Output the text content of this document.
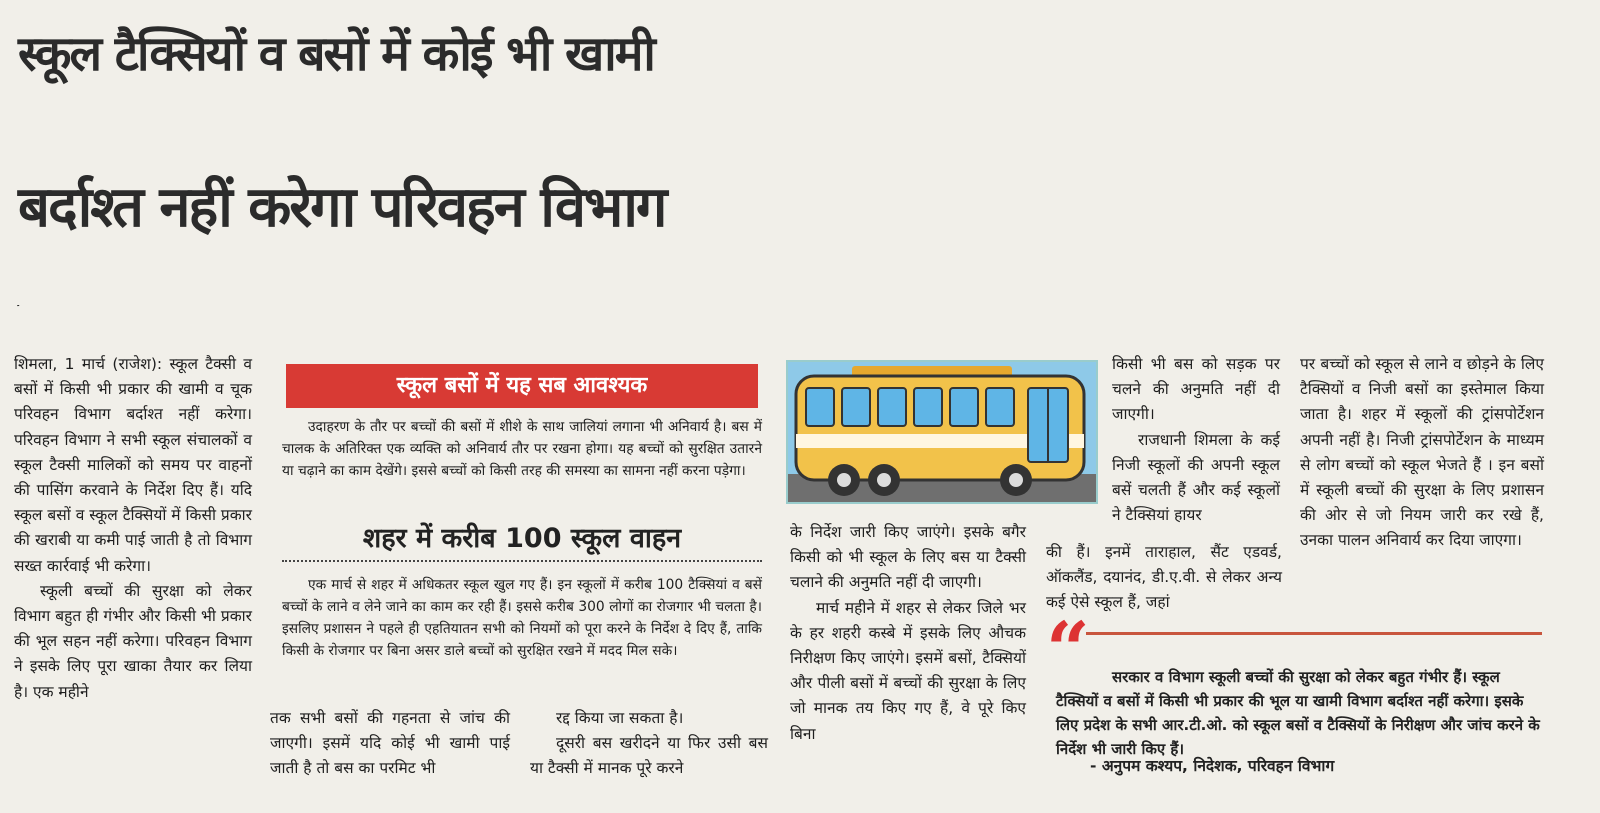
स्कूल टैक्सियों व बसों में कोई भी खामी
बर्दाश्त नहीं करेगा परिवहन विभाग

शिमला, 1 मार्च (राजेश): स्कूल टैक्सी व बसों में किसी भी प्रकार की खामी व चूक परिवहन विभाग बर्दाश्त नहीं करेगा। परिवहन विभाग ने सभी स्कूल संचालकों व स्कूल टैक्सी मालिकों को समय पर वाहनों की पासिंग करवाने के निर्देश दिए हैं। यदि स्कूल बसों व स्कूल टैक्सियों में किसी प्रकार की खराबी या कमी पाई जाती है तो विभाग सख्त कार्रवाई भी करेगा।

स्कूली बच्चों की सुरक्षा को लेकर विभाग बहुत ही गंभीर और किसी भी प्रकार की भूल सहन नहीं करेगा। परिवहन विभाग ने इसके लिए पूरा खाका तैयार कर लिया है। एक महीने

स्कूल बसों में यह सब आवश्यक

उदाहरण के तौर पर बच्चों की बसों में शीशे के साथ जालियां लगाना भी अनिवार्य है। बस में चालक के अतिरिक्त एक व्यक्ति को अनिवार्य तौर पर रखना होगा। यह बच्चों को सुरक्षित उतारने या चढ़ाने का काम देखेंगे। इससे बच्चों को किसी तरह की समस्या का सामना नहीं करना पड़ेगा।

शहर में करीब 100 स्कूल वाहन

एक मार्च से शहर में अधिकतर स्कूल खुल गए हैं। इन स्कूलों में करीब 100 टैक्सियां व बसें बच्चों के लाने व लेने जाने का काम कर रही हैं। इससे करीब 300 लोगों का रोजगार भी चलता है। इसलिए प्रशासन ने पहले ही एहतियातन सभी को नियमों को पूरा करने के निर्देश दे दिए हैं, ताकि किसी के रोजगार पर बिना असर डाले बच्चों को सुरक्षित रखने में मदद मिल सके।

तक सभी बसों की गहनता से जांच की जाएगी। इसमें यदि कोई भी खामी पाई जाती है तो बस का परमिट भी

रद्द किया जा सकता है।

दूसरी बस खरीदने या फिर उसी बस या टैक्सी में मानक पूरे करने

के निर्देश जारी किए जाएंगे। इसके बगैर किसी को भी स्कूल के लिए बस या टैक्सी चलाने की अनुमति नहीं दी जाएगी।

मार्च महीने में शहर से लेकर जिले भर के हर शहरी कस्बे में इसके लिए औचक निरीक्षण किए जाएंगे। इसमें बसों, टैक्सियों और पीली बसों में बच्चों की सुरक्षा के लिए जो मानक तय किए गए हैं, वे पूरे किए बिना

किसी भी बस को सड़क पर चलने की अनुमति नहीं दी जाएगी।

राजधानी शिमला के कई निजी स्कूलों की अपनी स्कूल बसें चलती हैं और कई स्कूलों ने टैक्सियां हायर

की हैं। इनमें ताराहाल, सैंट एडवर्ड, ऑकलैंड, दयानंद, डी.ए.वी. से लेकर अन्य कई ऐसे स्कूल हैं, जहां

पर बच्चों को स्कूल से लाने व छोड़ने के लिए टैक्सियों व निजी बसों का इस्तेमाल किया जाता है। शहर में स्कूलों की ट्रांसपोर्टेशन अपनी नहीं है। निजी ट्रांसपोर्टेशन के माध्यम से लोग बच्चों को स्कूल भेजते हैं । इन बसों में स्कूली बच्चों की सुरक्षा के लिए प्रशासन की ओर से जो नियम जारी कर रखे हैं, उनका पालन अनिवार्य कर दिया जाएगा।

“	सरकार व विभाग स्कूली बच्चों की सुरक्षा को लेकर बहुत गंभीर हैं। स्कूल टैक्सियों व बसों में किसी भी प्रकार की भूल या खामी विभाग बर्दाश्त नहीं करेगा। इसके लिए प्रदेश के सभी आर.टी.ओ. को स्कूल बसों व टैक्सियों के निरीक्षण और जांच करने के निर्देश भी जारी किए हैं।

- अनुपम कश्यप, निदेशक, परिवहन विभाग
